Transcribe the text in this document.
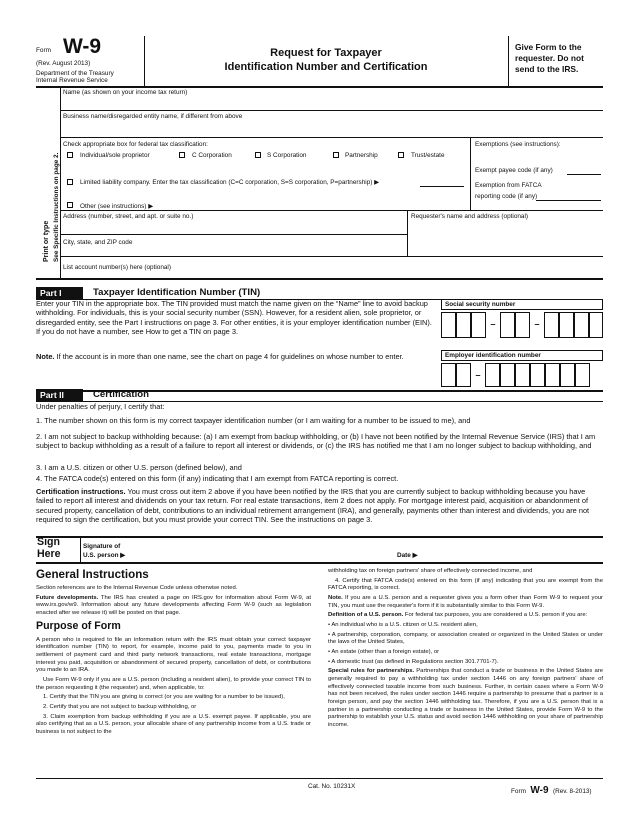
Form W-9
(Rev. August 2013)
Department of the Treasury
Internal Revenue Service
Request for Taxpayer
Identification Number and Certification
Give Form to the requester. Do not send to the IRS.
Print or type See Specific Instructions on page 2.
Name (as shown on your income tax return)
Business name/disregarded entity name, if different from above
Check appropriate box for federal tax classification:
Individual/sole proprietor	C Corporation	S Corporation	Partnership	Trust/estate
Limited liability company. Enter the tax classification (C=C corporation, S=S corporation, P=partnership) ▶
Other (see instructions) ▶
Exemptions (see instructions):
Exempt payee code (if any)
Exemption from FATCA reporting code (if any)
Address (number, street, and apt. or suite no.)	Requester's name and address (optional)
City, state, and ZIP code
List account number(s) here (optional)
Part I	Taxpayer Identification Number (TIN)
Enter your TIN in the appropriate box. The TIN provided must match the name given on the “Name” line to avoid backup withholding. For individuals, this is your social security number (SSN). However, for a resident alien, sole proprietor, or disregarded entity, see the Part I instructions on page 3. For other entities, it is your employer identification number (EIN). If you do not have a number, see How to get a TIN on page 3.
Note. If the account is in more than one name, see the chart on page 4 for guidelines on whose number to enter.
Social security number
–	–
Employer identification number
–
Part II	Certification
Under penalties of perjury, I certify that:
1. The number shown on this form is my correct taxpayer identification number (or I am waiting for a number to be issued to me), and
2. I am not subject to backup withholding because: (a) I am exempt from backup withholding, or (b) I have not been notified by the Internal Revenue Service (IRS) that I am subject to backup withholding as a result of a failure to report all interest or dividends, or (c) the IRS has notified me that I am no longer subject to backup withholding, and
3. I am a U.S. citizen or other U.S. person (defined below), and
4. The FATCA code(s) entered on this form (if any) indicating that I am exempt from FATCA reporting is correct.
Certification instructions. You must cross out item 2 above if you have been notified by the IRS that you are currently subject to backup withholding because you have failed to report all interest and dividends on your tax return. For real estate transactions, item 2 does not apply. For mortgage interest paid, acquisition or abandonment of secured property, cancellation of debt, contributions to an individual retirement arrangement (IRA), and generally, payments other than interest and dividends, you are not required to sign the certification, but you must provide your correct TIN. See the instructions on page 3.
Sign
Here
Signature of
U.S. person ▶	Date ▶
General Instructions

Section references are to the Internal Revenue Code unless otherwise noted.

Future developments. The IRS has created a page on IRS.gov for information about Form W-9, at www.irs.gov/w9. Information about any future developments affecting Form W-9 (such as legislation enacted after we release it) will be posted on that page.

Purpose of Form

A person who is required to file an information return with the IRS must obtain your correct taxpayer identification number (TIN) to report, for example, income paid to you, payments made to you in settlement of payment card and third party network transactions, real estate transactions, mortgage interest you paid, acquisition or abandonment of secured property, cancellation of debt, or contributions you made to an IRA.

Use Form W-9 only if you are a U.S. person (including a resident alien), to provide your correct TIN to the person requesting it (the requester) and, when applicable, to:

1. Certify that the TIN you are giving is correct (or you are waiting for a number to be issued),

2. Certify that you are not subject to backup withholding, or

3. Claim exemption from backup withholding if you are a U.S. exempt payee. If applicable, you are also certifying that as a U.S. person, your allocable share of any partnership income from a U.S. trade or business is not subject to the

withholding tax on foreign partners' share of effectively connected income, and

4. Certify that FATCA code(s) entered on this form (if any) indicating that you are exempt from the FATCA reporting, is correct.

Note. If you are a U.S. person and a requester gives you a form other than Form W-9 to request your TIN, you must use the requester's form if it is substantially similar to this Form W-9.

Definition of a U.S. person. For federal tax purposes, you are considered a U.S. person if you are:

• An individual who is a U.S. citizen or U.S. resident alien,

• A partnership, corporation, company, or association created or organized in the United States or under the laws of the United States,

• An estate (other than a foreign estate), or

• A domestic trust (as defined in Regulations section 301.7701-7).

Special rules for partnerships. Partnerships that conduct a trade or business in the United States are generally required to pay a withholding tax under section 1446 on any foreign partners' share of effectively connected taxable income from such business. Further, in certain cases where a Form W-9 has not been received, the rules under section 1446 require a partnership to presume that a partner is a foreign person, and pay the section 1446 withholding tax. Therefore, if you are a U.S. person that is a partner in a partnership conducting a trade or business in the United States, provide Form W-9 to the partnership to establish your U.S. status and avoid section 1446 withholding on your share of partnership income.

Cat. No. 10231X
Form W-9 (Rev. 8-2013)
